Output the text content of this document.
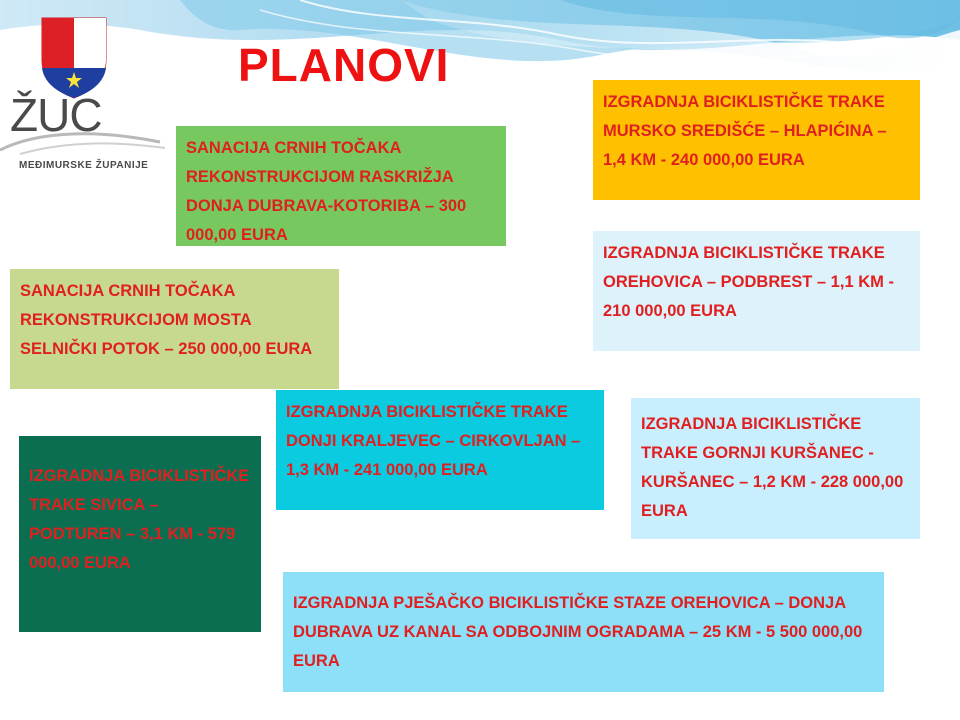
ŽUC
MEĐIMURSKE ŽUPANIJE
PLANOVI
SANACIJA CRNIH TOČAKA REKONSTRUKCIJOM RASKRIŽJA DONJA DUBRAVA-KOTORIBA – 300 000,00 EURA
SANACIJA CRNIH TOČAKA REKONSTRUKCIJOM MOSTA SELNIČKI POTOK – 250 000,00 EURA
IZGRADNJA BICIKLISTIČKE TRAKE SIVICA – PODTUREN – 3,1 KM - 579 000,00 EURA
IZGRADNJA BICIKLISTIČKE TRAKE DONJI KRALJEVEC – CIRKOVLJAN – 1,3 KM - 241 000,00 EURA
IZGRADNJA BICIKLISTIČKE TRAKE MURSKO SREDIŠĆE – HLAPIĆINA – 1,4 KM - 240 000,00 EURA
IZGRADNJA BICIKLISTIČKE TRAKE OREHOVICA – PODBREST – 1,1 KM - 210 000,00 EURA
IZGRADNJA BICIKLISTIČKE TRAKE GORNJI KURŠANEC - KURŠANEC – 1,2 KM - 228 000,00 EURA
IZGRADNJA PJEŠAČKO BICIKLISTIČKE STAZE OREHOVICA – DONJA DUBRAVA UZ KANAL SA ODBOJNIM OGRADAMA – 25 KM - 5 500 000,00 EURA
